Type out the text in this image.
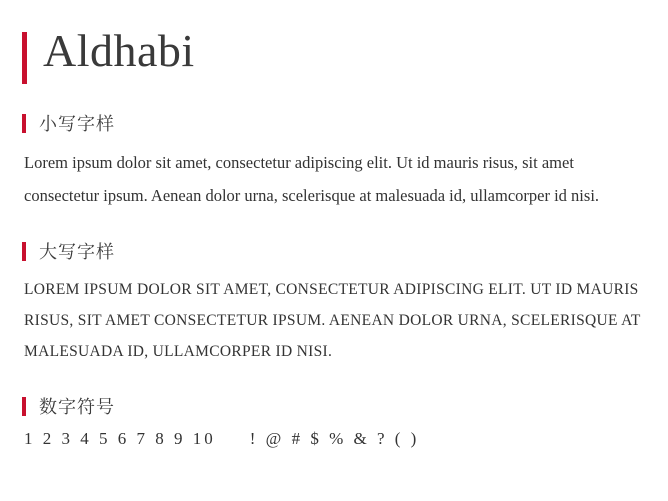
Aldhabi
小写字样

Lorem ipsum dolor sit amet, consectetur adipiscing elit. Ut id mauris risus, sit amet consectetur ipsum. Aenean dolor urna, scelerisque at malesuada id, ullamcorper id nisi.

大写字样

LOREM IPSUM DOLOR SIT AMET, CONSECTETUR ADIPISCING ELIT. UT ID MAURIS RISUS, SIT AMET CONSECTETUR IPSUM. AENEAN DOLOR URNA, SCELERISQUE AT MALESUADA ID, ULLAMCORPER ID NISI.

数字符号
1 2 3 4 5 6 7 8 9 10 ! @ # $ % & ? ( )
